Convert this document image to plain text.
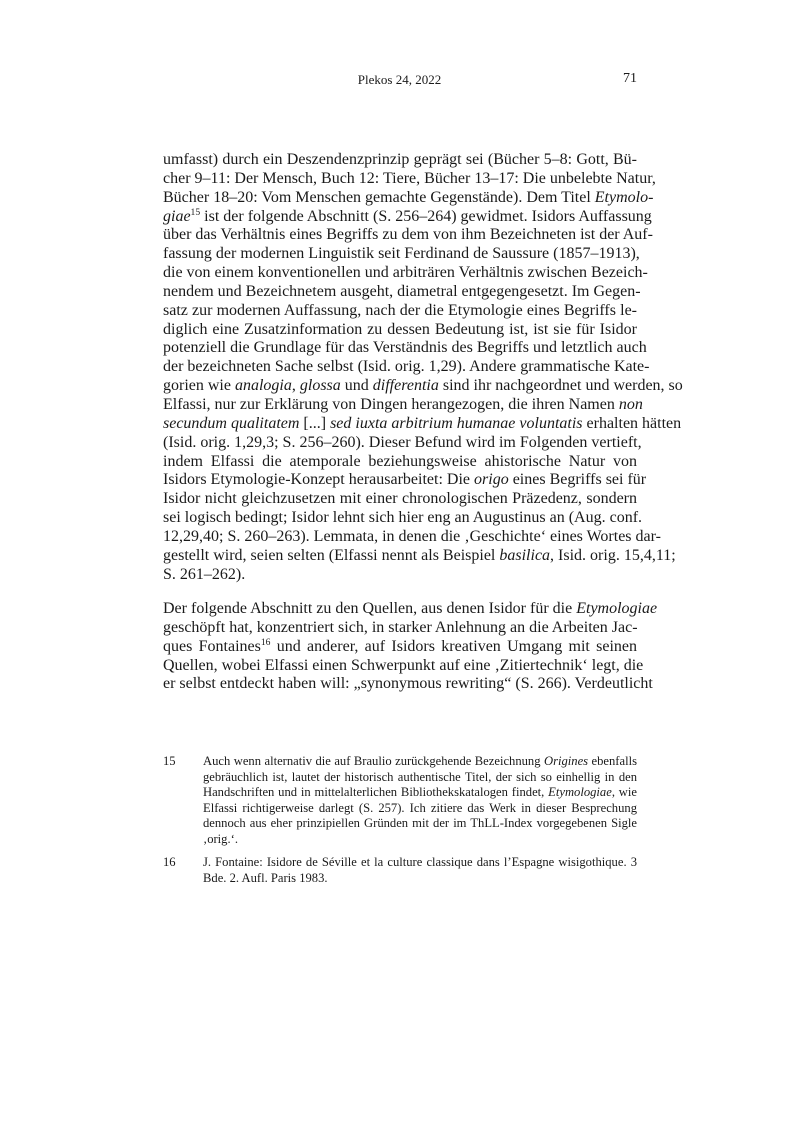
Plekos 24, 2022	71
umfasst) durch ein Deszendenzprinzip geprägt sei (Bücher 5–8: Gott, Bü-
cher 9–11: Der Mensch, Buch 12: Tiere, Bücher 13–17: Die unbelebte Natur,
Bücher 18–20: Vom Menschen gemachte Gegenstände). Dem Titel Etymolo-
giae$^{15}$ ist der folgende Abschnitt (S. 256–264) gewidmet. Isidors Auffassung
über das Verhältnis eines Begriffs zu dem von ihm Bezeichneten ist der Auf-
fassung der modernen Linguistik seit Ferdinand de Saussure (1857–1913),
die von einem konventionellen und arbiträren Verhältnis zwischen Bezeich-
nendem und Bezeichnetem ausgeht, diametral entgegengesetzt. Im Gegen-
satz zur modernen Auffassung, nach der die Etymologie eines Begriffs le-
diglich eine Zusatzinformation zu dessen Bedeutung ist, ist sie für Isidor
potenziell die Grundlage für das Verständnis des Begriffs und letztlich auch
der bezeichneten Sache selbst (Isid. orig. 1,29). Andere grammatische Kate-
gorien wie analogia, glossa und differentia sind ihr nachgeordnet und werden, so
Elfassi, nur zur Erklärung von Dingen herangezogen, die ihren Namen non
secundum qualitatem [...] sed iuxta arbitrium humanae voluntatis erhalten hätten
(Isid. orig. 1,29,3; S. 256–260). Dieser Befund wird im Folgenden vertieft,
indem Elfassi die atemporale beziehungsweise ahistorische Natur von
Isidors Etymologie-Konzept herausarbeitet: Die origo eines Begriffs sei für
Isidor nicht gleichzusetzen mit einer chronologischen Präzedenz, sondern
sei logisch bedingt; Isidor lehnt sich hier eng an Augustinus an (Aug. conf.
12,29,40; S. 260–263). Lemmata, in denen die ‚Geschichte‘ eines Wortes dar-
gestellt wird, seien selten (Elfassi nennt als Beispiel basilica, Isid. orig. 15,4,11;
S. 261–262).
Der folgende Abschnitt zu den Quellen, aus denen Isidor für die Etymologiae
geschöpft hat, konzentriert sich, in starker Anlehnung an die Arbeiten Jac-
ques Fontaines$^{16}$ und anderer, auf Isidors kreativen Umgang mit seinen
Quellen, wobei Elfassi einen Schwerpunkt auf eine ‚Zitiertechnik‘ legt, die
er selbst entdeckt haben will: „synonymous rewriting“ (S. 266). Verdeutlicht
15 Auch wenn alternativ die auf Braulio zurückgehende Bezeichnung Origines ebenfalls
gebräuchlich ist, lautet der historisch authentische Titel, der sich so einhellig in den
Handschriften und in mittelalterlichen Bibliothekskatalogen findet, Etymologiae, wie
Elfassi richtigerweise darlegt (S. 257). Ich zitiere das Werk in dieser Besprechung
dennoch aus eher prinzipiellen Gründen mit der im ThLL-Index vorgegebenen Sigle
‚orig.‘.
16 J. Fontaine: Isidore de Séville et la culture classique dans l’Espagne wisigothique. 3
Bde. 2. Aufl. Paris 1983.
